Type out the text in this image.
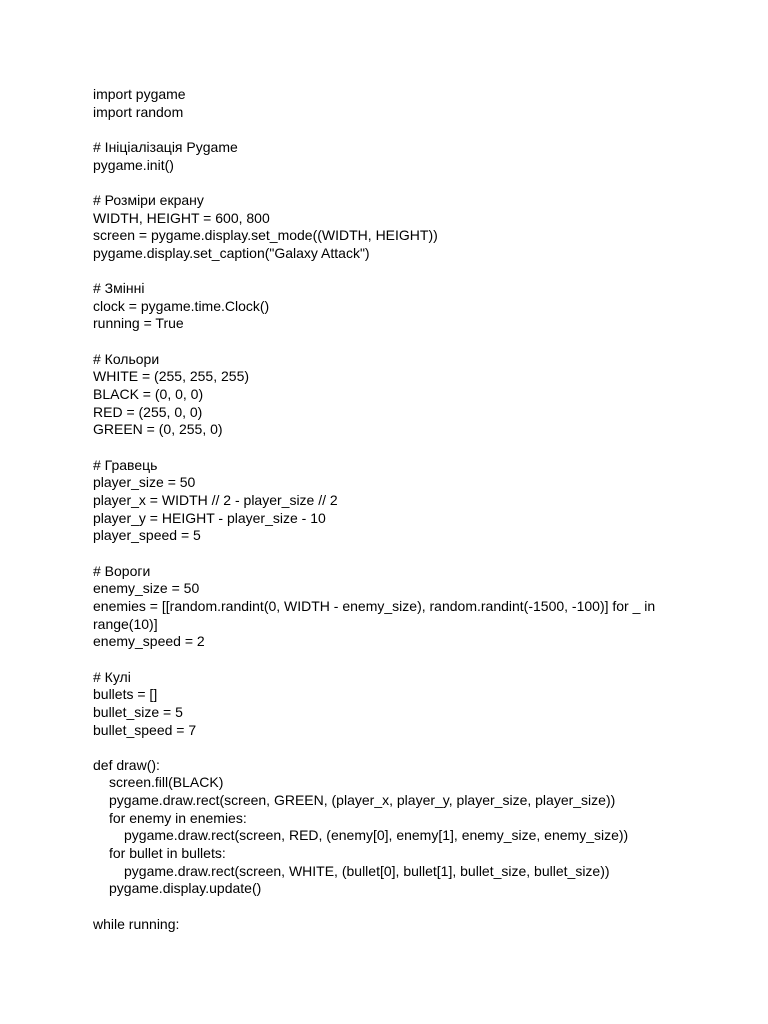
import pygame
import random
# Ініціалізація Pygame
pygame.init()
# Розміри екрану
WIDTH, HEIGHT = 600, 800
screen = pygame.display.set_mode((WIDTH, HEIGHT))
pygame.display.set_caption("Galaxy Attack")
# Змінні
clock = pygame.time.Clock()
running = True
# Кольори
WHITE = (255, 255, 255)
BLACK = (0, 0, 0)
RED = (255, 0, 0)
GREEN = (0, 255, 0)
# Гравець
player_size = 50
player_x = WIDTH // 2 - player_size // 2
player_y = HEIGHT - player_size - 10
player_speed = 5
# Вороги
enemy_size = 50
enemies = [[random.randint(0, WIDTH - enemy_size), random.randint(-1500, -100)] for _ in
range(10)]
enemy_speed = 2
# Кулі
bullets = []
bullet_size = 5
bullet_speed = 7
def draw():
screen.fill(BLACK)
pygame.draw.rect(screen, GREEN, (player_x, player_y, player_size, player_size))
for enemy in enemies:
pygame.draw.rect(screen, RED, (enemy[0], enemy[1], enemy_size, enemy_size))
for bullet in bullets:
pygame.draw.rect(screen, WHITE, (bullet[0], bullet[1], bullet_size, bullet_size))
pygame.display.update()
while running:
